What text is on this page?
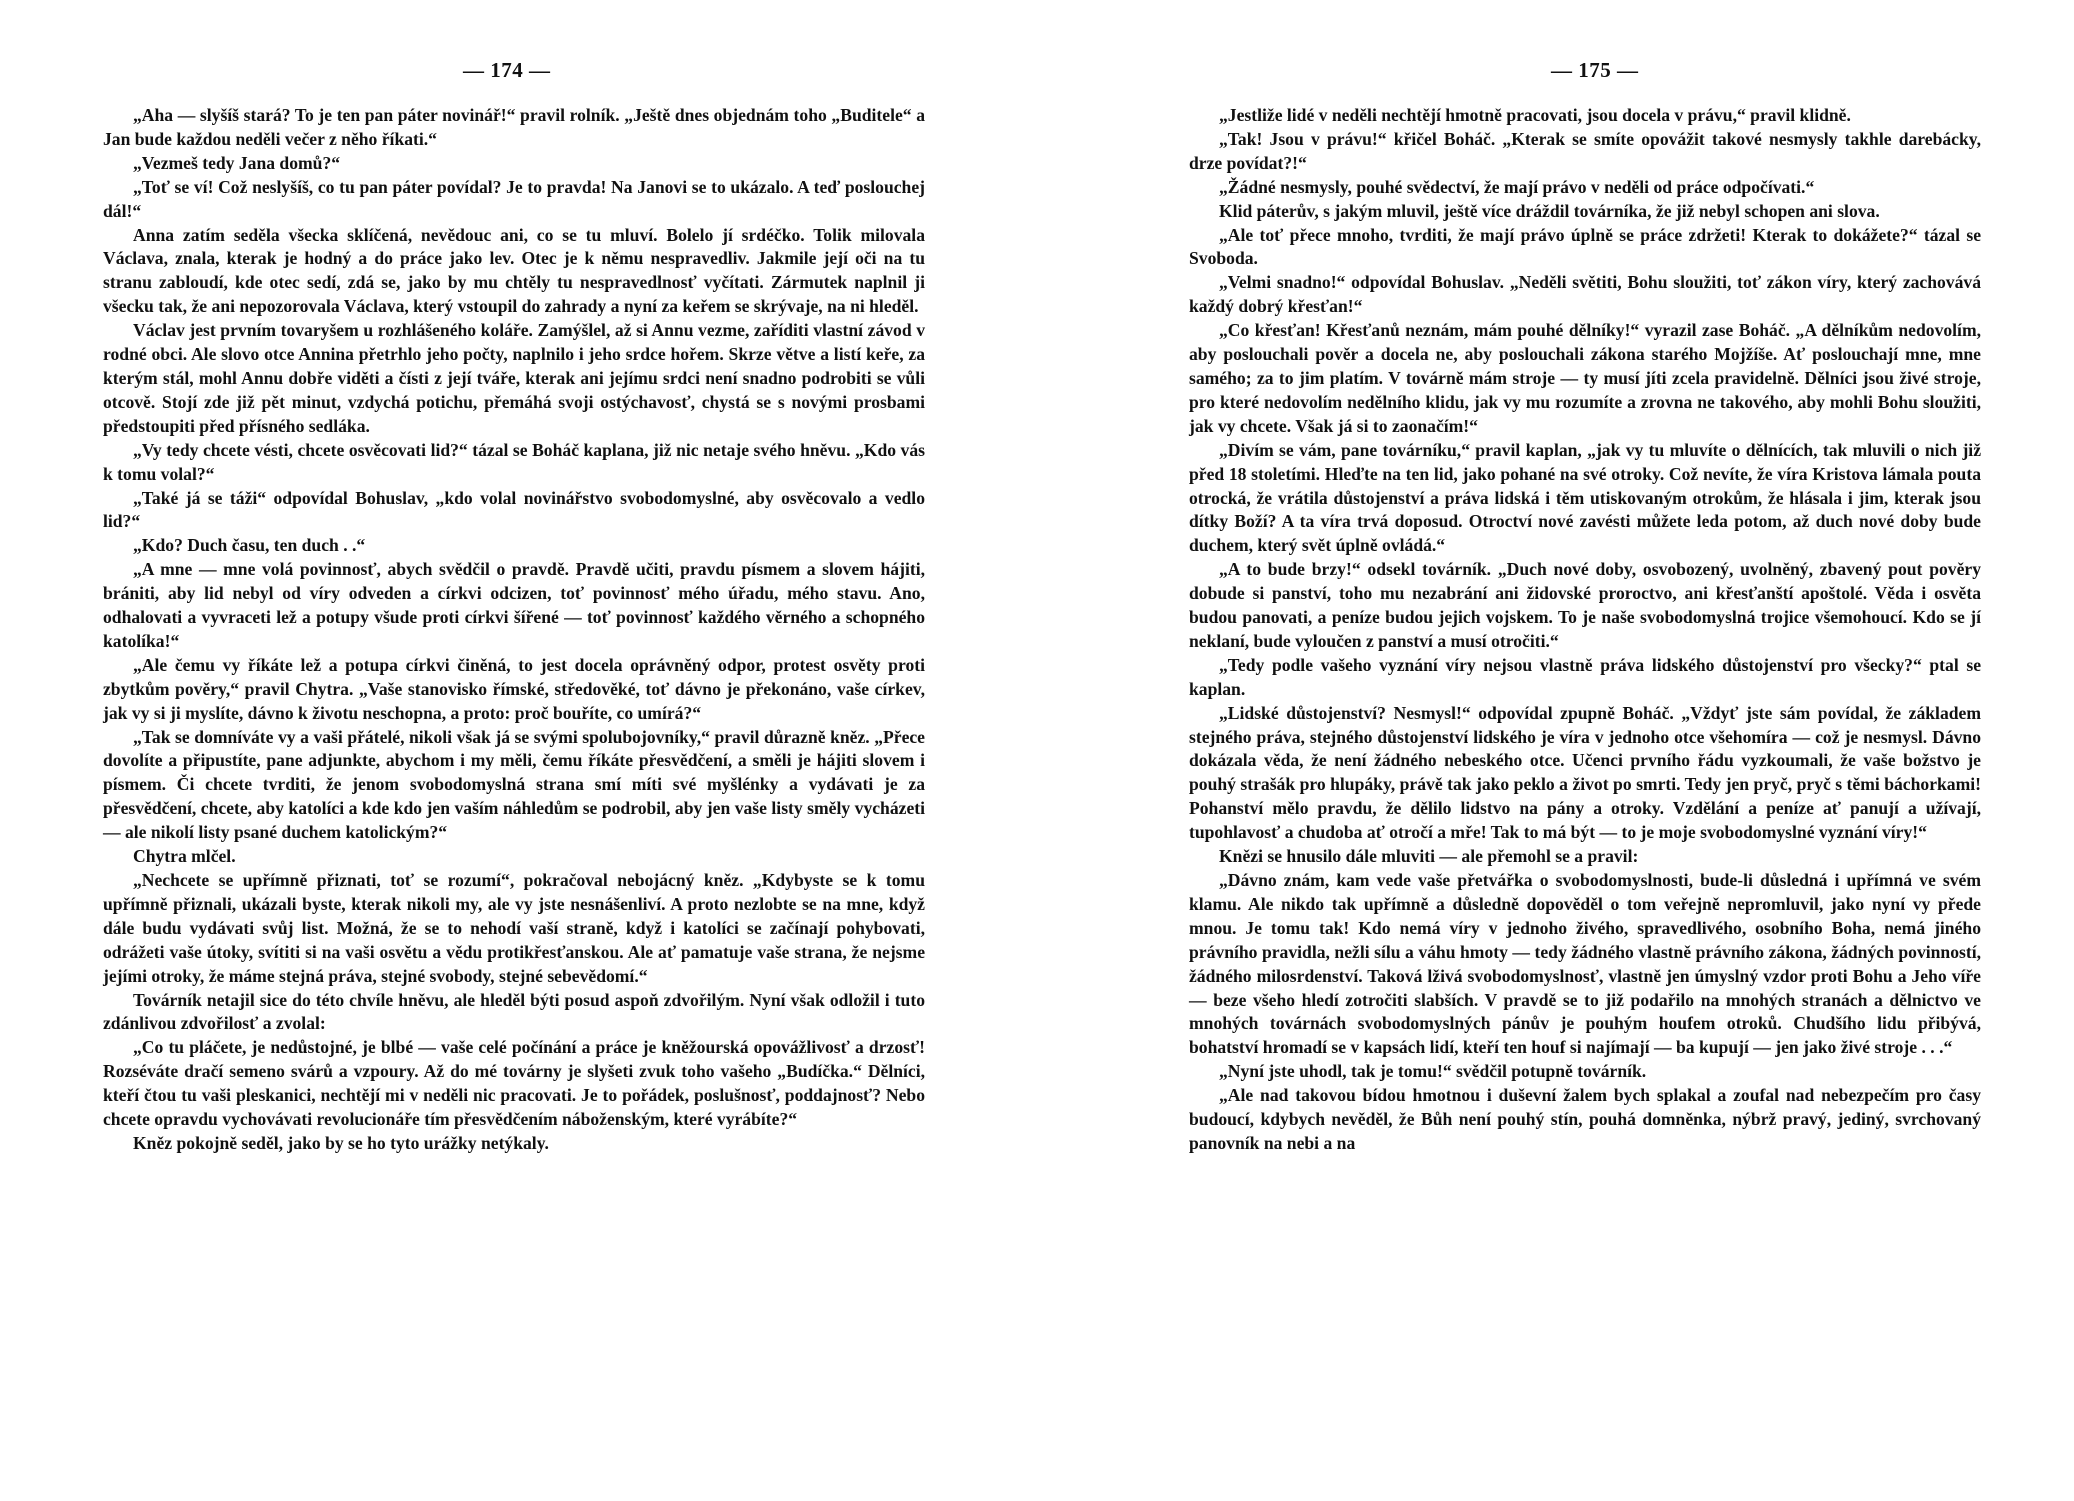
— 174 —

„Aha — slyšíš stará? To je ten pan páter novinář!“ pravil rolník. „Ještě dnes objednám toho „Buditele“ a Jan bude každou neděli večer z něho říkati.“

„Vezmeš tedy Jana domů?“

„Toť se ví! Což neslyšíš, co tu pan páter povídal? Je to pravda! Na Janovi se to ukázalo. A teď poslouchej dál!“

Anna zatím seděla všecka sklíčená, nevědouc ani, co se tu mluví. Bolelo jí srdéčko. Tolik milovala Václava, znala, kterak je hodný a do práce jako lev. Otec je k němu nespravedliv. Jakmile její oči na tu stranu zabloudí, kde otec sedí, zdá se, jako by mu chtěly tu nespravedlnosť vyčítati. Zármutek naplnil ji všecku tak, že ani nepozorovala Václava, který vstoupil do zahrady a nyní za keřem se skrývaje, na ni hleděl.

Václav jest prvním tovaryšem u rozhlášeného koláře. Zamýšlel, až si Annu vezme, zaříditi vlastní závod v rodné obci. Ale slovo otce Annina přetrhlo jeho počty, naplnilo i jeho srdce hořem. Skrze větve a listí keře, za kterým stál, mohl Annu dobře viděti a čísti z její tváře, kterak ani jejímu srdci není snadno podrobiti se vůli otcově. Stojí zde již pět minut, vzdychá potichu, přemáhá svoji ostýchavosť, chystá se s novými prosbami předstoupiti před přísného sedláka.

„Vy tedy chcete vésti, chcete osvěcovati lid?“ tázal se Boháč kaplana, již nic netaje svého hněvu. „Kdo vás k tomu volal?“

„Také já se táži“ odpovídal Bohuslav, „kdo volal novinářstvo svobodomyslné, aby osvěcovalo a vedlo lid?“

„Kdo? Duch času, ten duch . .“

„A mne — mne volá povinnosť, abych svědčil o pravdě. Pravdě učiti, pravdu písmem a slovem hájiti, brániti, aby lid nebyl od víry odveden a církvi odcizen, toť povinnosť mého úřadu, mého stavu. Ano, odhalovati a vyvraceti lež a potupy všude proti církvi šířené — toť povinnosť každého věrného a schopného katolíka!“

„Ale čemu vy říkáte lež a potupa církvi činěná, to jest docela oprávněný odpor, protest osvěty proti zbytkům pověry,“ pravil Chytra. „Vaše stanovisko římské, středověké, toť dávno je překonáno, vaše církev, jak vy si ji myslíte, dávno k životu neschopna, a proto: proč bouříte, co umírá?“

„Tak se domníváte vy a vaši přátelé, nikoli však já se svými spolubojovníky,“ pravil důrazně kněz. „Přece dovolíte a připustíte, pane adjunkte, abychom i my měli, čemu říkáte přesvědčení, a směli je hájiti slovem i písmem. Či chcete tvrditi, že jenom svobodomyslná strana smí míti své myšlénky a vydávati je za přesvědčení, chcete, aby katolíci a kde kdo jen vaším náhledům se podrobil, aby jen vaše listy směly vycházeti — ale nikolí listy psané duchem katolickým?“

Chytra mlčel.

„Nechcete se upřímně přiznati, toť se rozumí“, pokračoval nebojácný kněz. „Kdybyste se k tomu upřímně přiznali, ukázali byste, kterak nikoli my, ale vy jste nesnášenliví. A proto nezlobte se na mne, když dále budu vydávati svůj list. Možná, že se to nehodí vaší straně, když i katolíci se začínají pohybovati, odrážeti vaše útoky, svítiti si na vaši osvětu a vědu protikřesťanskou. Ale ať pamatuje vaše strana, že nejsme jejími otroky, že máme stejná práva, stejné svobody, stejné sebevědomí.“

Továrník netajil sice do této chvíle hněvu, ale hleděl býti posud aspoň zdvořilým. Nyní však odložil i tuto zdánlivou zdvořilosť a zvolal:

„Co tu pláčete, je nedůstojné, je blbé — vaše celé počínání a práce je kněžourská opovážlivosť a drzosť! Rozséváte dračí semeno svárů a vzpoury. Až do mé továrny je slyšeti zvuk toho vašeho „Budíčka.“ Dělníci, kteří čtou tu vaši pleskanici, nechtějí mi v neděli nic pracovati. Je to pořádek, poslušnosť, poddajnosť? Nebo chcete opravdu vychovávati revolucionáře tím přesvědčením náboženským, které vyrábíte?“

Kněz pokojně seděl, jako by se ho tyto urážky netýkaly.

— 175 —

„Jestliže lidé v neděli nechtějí hmotně pracovati, jsou docela v právu,“ pravil klidně.

„Tak! Jsou v právu!“ křičel Boháč. „Kterak se smíte opovážit takové nesmysly takhle darebácky, drze povídat?!“

„Žádné nesmysly, pouhé svědectví, že mají právo v neděli od práce odpočívati.“

Klid páterův, s jakým mluvil, ještě více dráždil továrníka, že již nebyl schopen ani slova.

„Ale toť přece mnoho, tvrditi, že mají právo úplně se práce zdržeti! Kterak to dokážete?“ tázal se Svoboda.

„Velmi snadno!“ odpovídal Bohuslav. „Neděli světiti, Bohu sloužiti, toť zákon víry, který zachovává každý dobrý křesťan!“

„Co křesťan! Křesťanů neznám, mám pouhé dělníky!“ vyrazil zase Boháč. „A dělníkům nedovolím, aby poslouchali pověr a docela ne, aby poslouchali zákona starého Mojžíše. Ať poslouchají mne, mne samého; za to jim platím. V továrně mám stroje — ty musí jíti zcela pravidelně. Dělníci jsou živé stroje, pro které nedovolím nedělního klidu, jak vy mu rozumíte a zrovna ne takového, aby mohli Bohu sloužiti, jak vy chcete. Však já si to zaonačím!“

„Divím se vám, pane továrníku,“ pravil kaplan, „jak vy tu mluvíte o dělnících, tak mluvili o nich již před 18 stoletími. Hleďte na ten lid, jako pohané na své otroky. Což nevíte, že víra Kristova lámala pouta otrocká, že vrátila důstojenství a práva lidská i těm utiskovaným otrokům, že hlásala i jim, kterak jsou dítky Boží? A ta víra trvá doposud. Otroctví nové zavésti můžete leda potom, až duch nové doby bude duchem, který svět úplně ovládá.“

„A to bude brzy!“ odsekl továrník. „Duch nové doby, osvobozený, uvolněný, zbavený pout pověry dobude si panství, toho mu nezabrání ani židovské proroctvo, ani křesťanští apoštolé. Věda i osvěta budou panovati, a peníze budou jejich vojskem. To je naše svobodomyslná trojice všemohoucí. Kdo se jí neklaní, bude vyloučen z panství a musí otročiti.“

„Tedy podle vašeho vyznání víry nejsou vlastně práva lidského důstojenství pro všecky?“ ptal se kaplan.

„Lidské důstojenství? Nesmysl!“ odpovídal zpupně Boháč. „Vždyť jste sám povídal, že základem stejného práva, stejného důstojenství lidského je víra v jednoho otce všehomíra — což je nesmysl. Dávno dokázala věda, že není žádného nebeského otce. Učenci prvního řádu vyzkoumali, že vaše božstvo je pouhý strašák pro hlupáky, právě tak jako peklo a život po smrti. Tedy jen pryč, pryč s těmi báchorkami! Pohanství mělo pravdu, že dělilo lidstvo na pány a otroky. Vzdělání a peníze ať panují a užívají, tupohlavosť a chudoba ať otročí a mře! Tak to má být — to je moje svobodomyslné vyznání víry!“

Knězi se hnusilo dále mluviti — ale přemohl se a pravil:

„Dávno znám, kam vede vaše přetvářka o svobodomyslnosti, bude-li důsledná i upřímná ve svém klamu. Ale nikdo tak upřímně a důsledně dopověděl o tom veřejně nepromluvil, jako nyní vy přede mnou. Je tomu tak! Kdo nemá víry v jednoho živého, spravedlivého, osobního Boha, nemá jiného právního pravidla, nežli sílu a váhu hmoty — tedy žádného vlastně právního zákona, žádných povinností, žádného milosrdenství. Taková lživá svobodomyslnosť, vlastně jen úmyslný vzdor proti Bohu a Jeho víře — beze všeho hledí zotročiti slabších. V pravdě se to již podařilo na mnohých stranách a dělnictvo ve mnohých továrnách svobodomyslných pánův je pouhým houfem otroků. Chudšího lidu přibývá, bohatství hromadí se v kapsách lidí, kteří ten houf si najímají — ba kupují — jen jako živé stroje . . .“

„Nyní jste uhodl, tak je tomu!“ svědčil potupně továrník.

„Ale nad takovou bídou hmotnou i duševní žalem bych splakal a zoufal nad nebezpečím pro časy budoucí, kdybych nevěděl, že Bůh není pouhý stín, pouhá domněnka, nýbrž pravý, jediný, svrchovaný panovník na nebi a na
